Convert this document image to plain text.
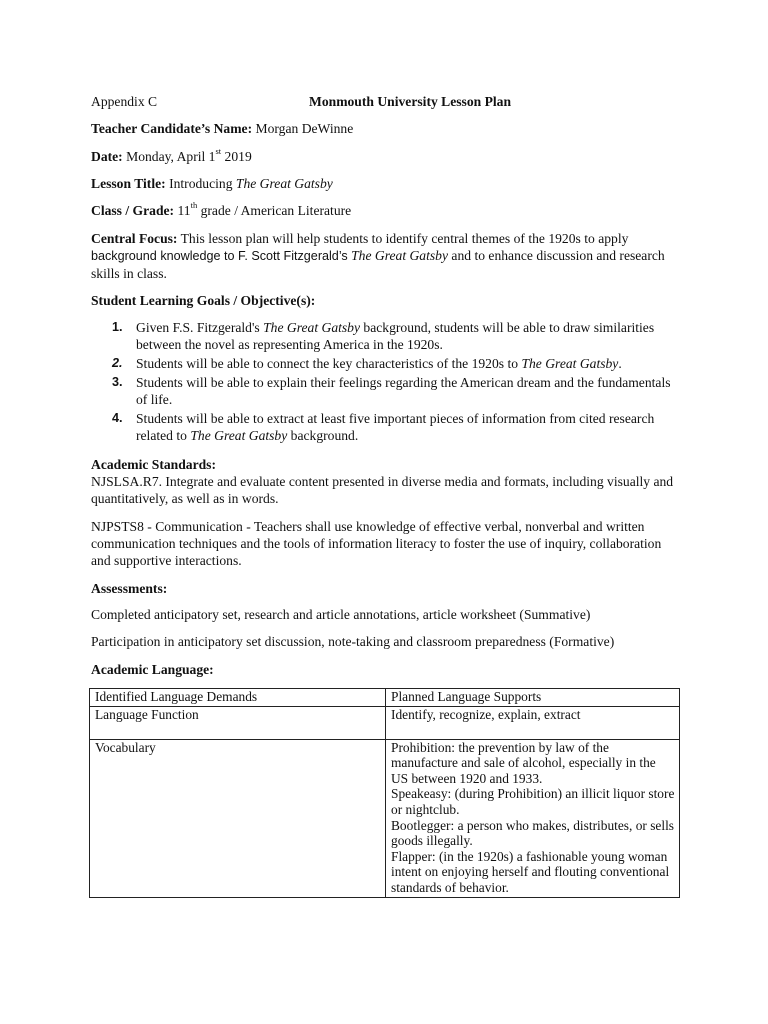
Appendix C	Monmouth University Lesson Plan
Teacher Candidate’s Name: Morgan DeWinne
Date: Monday, April 1st 2019
Lesson Title: Introducing The Great Gatsby
Class / Grade: 11th grade / American Literature
Central Focus: This lesson plan will help students to identify central themes of the 1920s to apply
background knowledge to F. Scott Fitzgerald’s The Great Gatsby and to enhance discussion and research
skills in class.
Student Learning Goals / Objective(s):
1. Given F.S. Fitzgerald's The Great Gatsby background, students will be able to draw similarities between the novel as representing America in the 1920s.
2. Students will be able to connect the key characteristics of the 1920s to The Great Gatsby.
3. Students will be able to explain their feelings regarding the American dream and the fundamentals of life.
4. Students will be able to extract at least five important pieces of information from cited research related to The Great Gatsby background.
Academic Standards:
NJSLSA.R7. Integrate and evaluate content presented in diverse media and formats, including visually and quantitatively, as well as in words.
NJPSTS8 - Communication - Teachers shall use knowledge of effective verbal, nonverbal and written communication techniques and the tools of information literacy to foster the use of inquiry, collaboration and supportive interactions.
Assessments:
Completed anticipatory set, research and article annotations, article worksheet (Summative)
Participation in anticipatory set discussion, note-taking and classroom preparedness (Formative)
Academic Language:
Identified Language Demands	Planned Language Supports
Language Function	Identify, recognize, explain, extract
Vocabulary	Prohibition: the prevention by law of the manufacture and sale of alcohol, especially in the US between 1920 and 1933.
Speakeasy: (during Prohibition) an illicit liquor store or nightclub.
Bootlegger: a person who makes, distributes, or sells goods illegally.
Flapper: (in the 1920s) a fashionable young woman intent on enjoying herself and flouting conventional standards of behavior.
